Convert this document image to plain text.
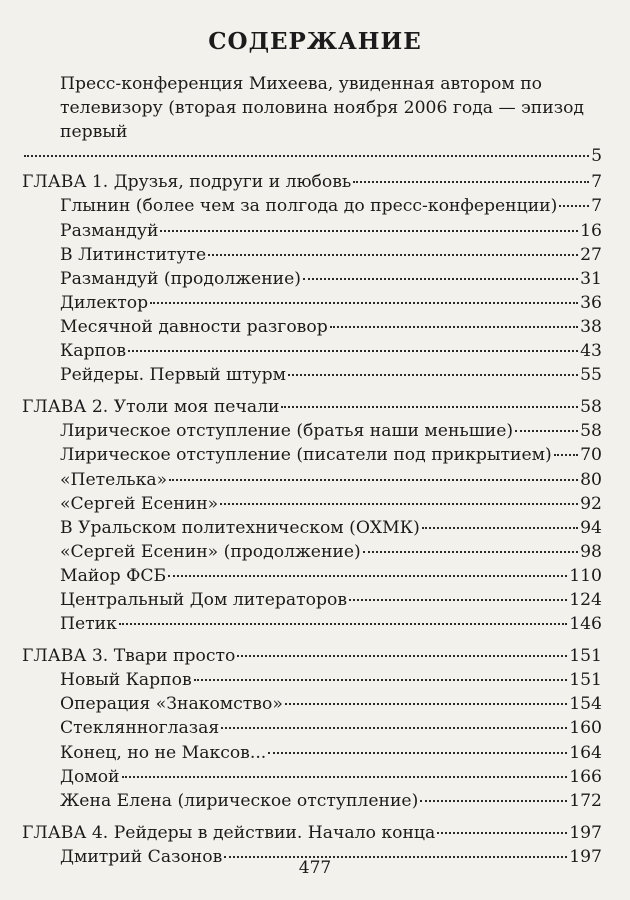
СОДЕРЖАНИЕ
Пресс-конференция Михеева, увиденная автором по телевизору (вторая половина ноября 2006 года — эпизод первый
5
ГЛАВА 1. Друзья, подруги и любовь	7
Глынин (более чем за полгода до пресс-конференции) 7
Размандуй	16
В Литинституте	27
Размандуй (продолжение)	31
Дилектор	36
Месячной давности разговор	38
Карпов	43
Рейдеры. Первый штурм	55
ГЛАВА 2. Утоли моя печали	58
Лирическое отступление (братья наши меньшие)	58
Лирическое отступление (писатели под прикрытием) 70
«Петелька»	80
«Сергей Есенин»	92
В Уральском политехническом (ОХМК)	94
«Сергей Есенин» (продолжение)	98
Майор ФСБ	110
Центральный Дом литераторов	124
Петик	146
ГЛАВА 3. Твари просто	151
Новый Карпов	151
Операция «Знакомство»	154
Стеклянноглазая	160
Конец, но не Максов...	164
Домой	166
Жена Елена (лирическое отступление)	172
ГЛАВА 4. Рейдеры в действии. Начало конца	197
Дмитрий Сазонов	197
477
